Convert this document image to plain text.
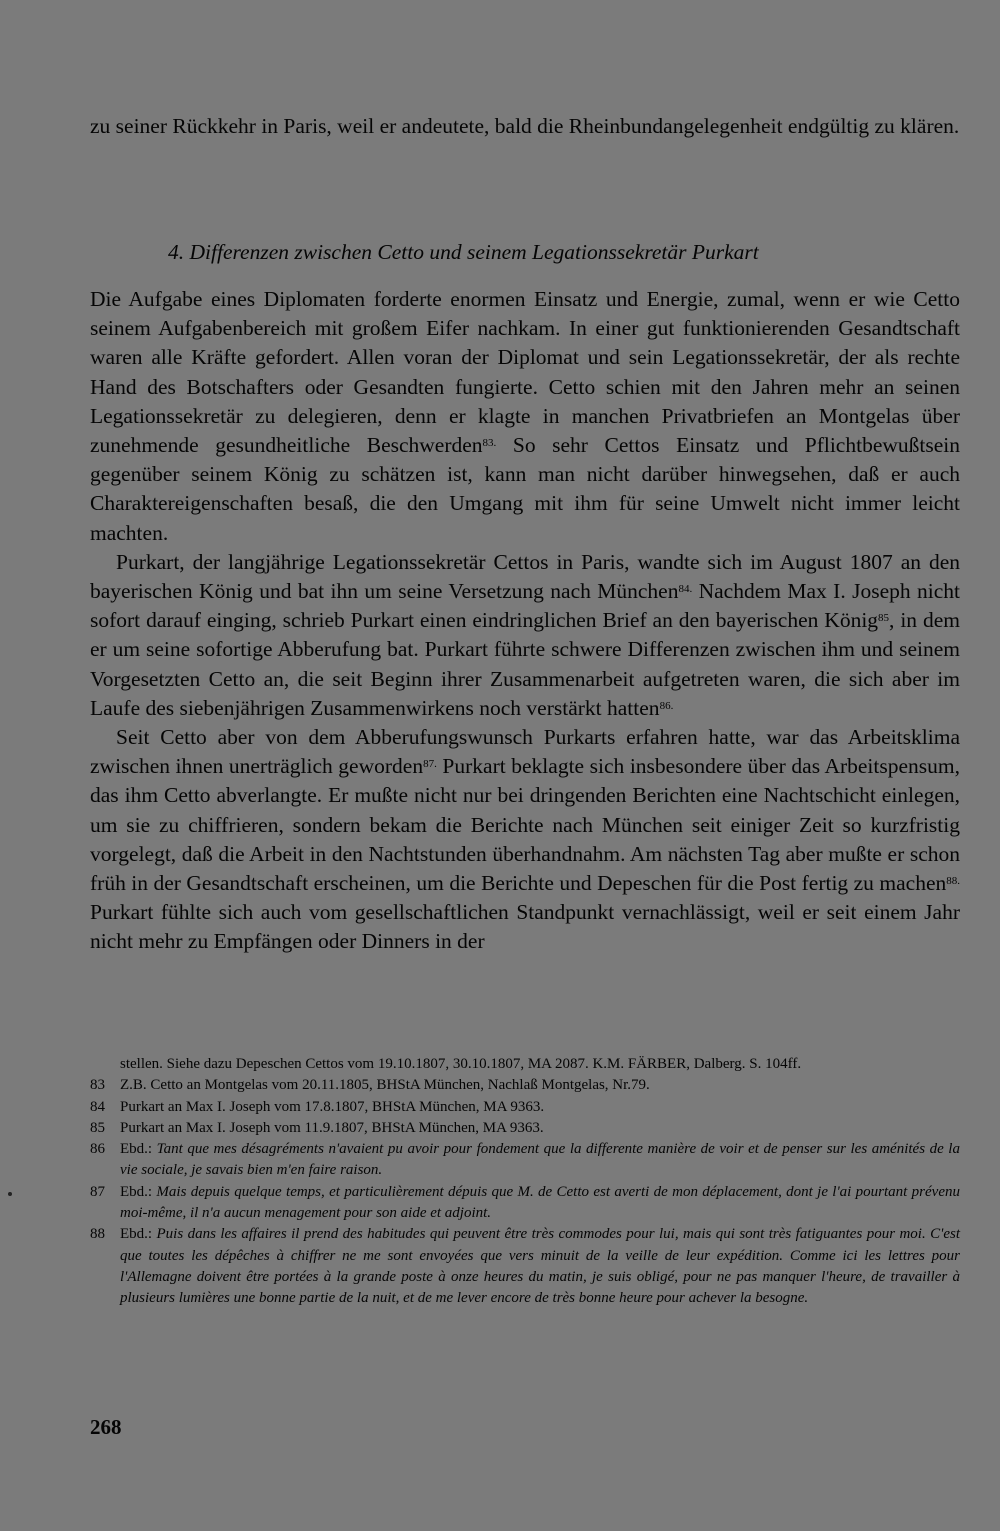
zu seiner Rückkehr in Paris, weil er andeutete, bald die Rheinbundangelegenheit endgültig zu klären.

4. Differenzen zwischen Cetto und seinem Legationssekretär Purkart

Die Aufgabe eines Diplomaten forderte enormen Einsatz und Energie, zumal, wenn er wie Cetto seinem Aufgabenbereich mit großem Eifer nachkam. In einer gut funktionierenden Gesandtschaft waren alle Kräfte gefordert. Allen voran der Diplomat und sein Legationssekretär, der als rechte Hand des Botschafters oder Gesandten fungierte. Cetto schien mit den Jahren mehr an seinen Legationssekretär zu delegieren, denn er klagte in manchen Privatbriefen an Montgelas über zunehmende gesundheitliche Beschwerden$^{83.}$ So sehr Cettos Einsatz und Pflichtbewußtsein gegenüber seinem König zu schätzen ist, kann man nicht darüber hinwegsehen, daß er auch Charaktereigenschaften besaß, die den Umgang mit ihm für seine Umwelt nicht immer leicht machten.

Purkart, der langjährige Legationssekretär Cettos in Paris, wandte sich im August 1807 an den bayerischen König und bat ihn um seine Versetzung nach München$^{84.}$ Nachdem Max I. Joseph nicht sofort darauf einging, schrieb Purkart einen eindringlichen Brief an den bayerischen König$^{85}$, in dem er um seine sofortige Abberufung bat. Purkart führte schwere Differenzen zwischen ihm und seinem Vorgesetzten Cetto an, die seit Beginn ihrer Zusammenarbeit aufgetreten waren, die sich aber im Laufe des siebenjährigen Zusammenwirkens noch verstärkt hatten$^{86.}$

Seit Cetto aber von dem Abberufungswunsch Purkarts erfahren hatte, war das Arbeitsklima zwischen ihnen unerträglich geworden$^{87.}$ Purkart beklagte sich insbesondere über das Arbeitspensum, das ihm Cetto abverlangte. Er mußte nicht nur bei dringenden Berichten eine Nachtschicht einlegen, um sie zu chiffrieren, sondern bekam die Berichte nach München seit einiger Zeit so kurzfristig vorgelegt, daß die Arbeit in den Nachtstunden überhandnahm. Am nächsten Tag aber mußte er schon früh in der Gesandtschaft erscheinen, um die Berichte und Depeschen für die Post fertig zu machen$^{88.}$ Purkart fühlte sich auch vom gesellschaftlichen Standpunkt vernachlässigt, weil er seit einem Jahr nicht mehr zu Empfängen oder Dinners in der

stellen. Siehe dazu Depeschen Cettos vom 19.10.1807, 30.10.1807, MA 2087. K.M. FÄRBER, Dalberg. S. 104ff.

83	Z.B. Cetto an Montgelas vom 20.11.1805, BHStA München, Nachlaß Montgelas, Nr.79.
84	Purkart an Max I. Joseph vom 17.8.1807, BHStA München, MA 9363.
85	Purkart an Max I. Joseph vom 11.9.1807, BHStA München, MA 9363.
86	Ebd.: Tant que mes désagréments n'avaient pu avoir pour fondement que la differente manière de voir et de penser sur les aménités de la vie sociale, je savais bien m'en faire raison.
87	Ebd.: Mais depuis quelque temps, et particulièrement dépuis que M. de Cetto est averti de mon déplacement, dont je l'ai pourtant prévenu moi-même, il n'a aucun menagement pour son aide et adjoint.
88	Ebd.: Puis dans les affaires il prend des habitudes qui peuvent être très commodes pour lui, mais qui sont très fatiguantes pour moi. C'est que toutes les dépêches à chiffrer ne me sont envoyées que vers minuit de la veille de leur expédition. Comme ici les lettres pour l'Allemagne doivent être portées à la grande poste à onze heures du matin, je suis obligé, pour ne pas manquer l'heure, de travailler à plusieurs lumières une bonne partie de la nuit, et de me lever encore de très bonne heure pour achever la besogne.
268
